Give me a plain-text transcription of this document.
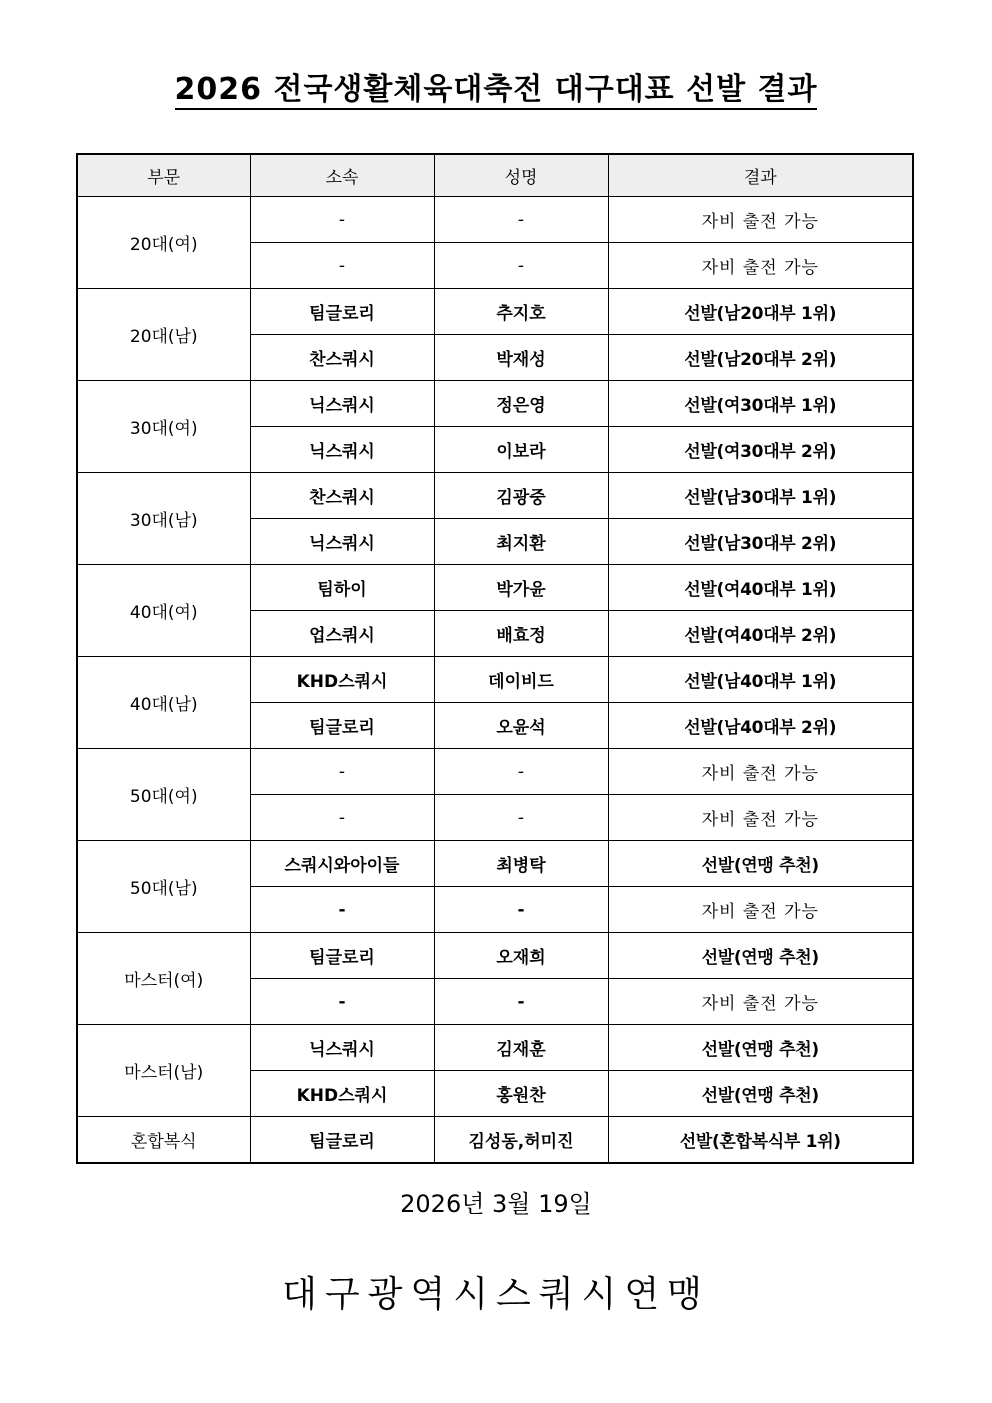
2026 전국생활체육대축전 대구대표 선발 결과
부문	소속	성명	결과
20대(여)	-	-	자비 출전 가능
	-	-	자비 출전 가능
20대(남)	팀글로리	추지호	선발(남20대부 1위)
	찬스쿼시	박재성	선발(남20대부 2위)
30대(여)	닉스쿼시	정은영	선발(여30대부 1위)
	닉스쿼시	이보라	선발(여30대부 2위)
30대(남)	찬스쿼시	김광중	선발(남30대부 1위)
	닉스쿼시	최지환	선발(남30대부 2위)
40대(여)	팀하이	박가윤	선발(여40대부 1위)
	업스쿼시	배효정	선발(여40대부 2위)
40대(남)	KHD스쿼시	데이비드	선발(남40대부 1위)
	팀글로리	오윤석	선발(남40대부 2위)
50대(여)	-	-	자비 출전 가능
	-	-	자비 출전 가능
50대(남)	스쿼시와아이들	최병탁	선발(연맹 추천)
	-	-	자비 출전 가능
마스터(여)	팀글로리	오재희	선발(연맹 추천)
	-	-	자비 출전 가능
마스터(남)	닉스쿼시	김재훈	선발(연맹 추천)
	KHD스쿼시	홍원찬	선발(연맹 추천)
혼합복식	팀글로리	김성동,허미진	선발(혼합복식부 1위)
2026년 3월 19일
대구광역시스쿼시연맹
